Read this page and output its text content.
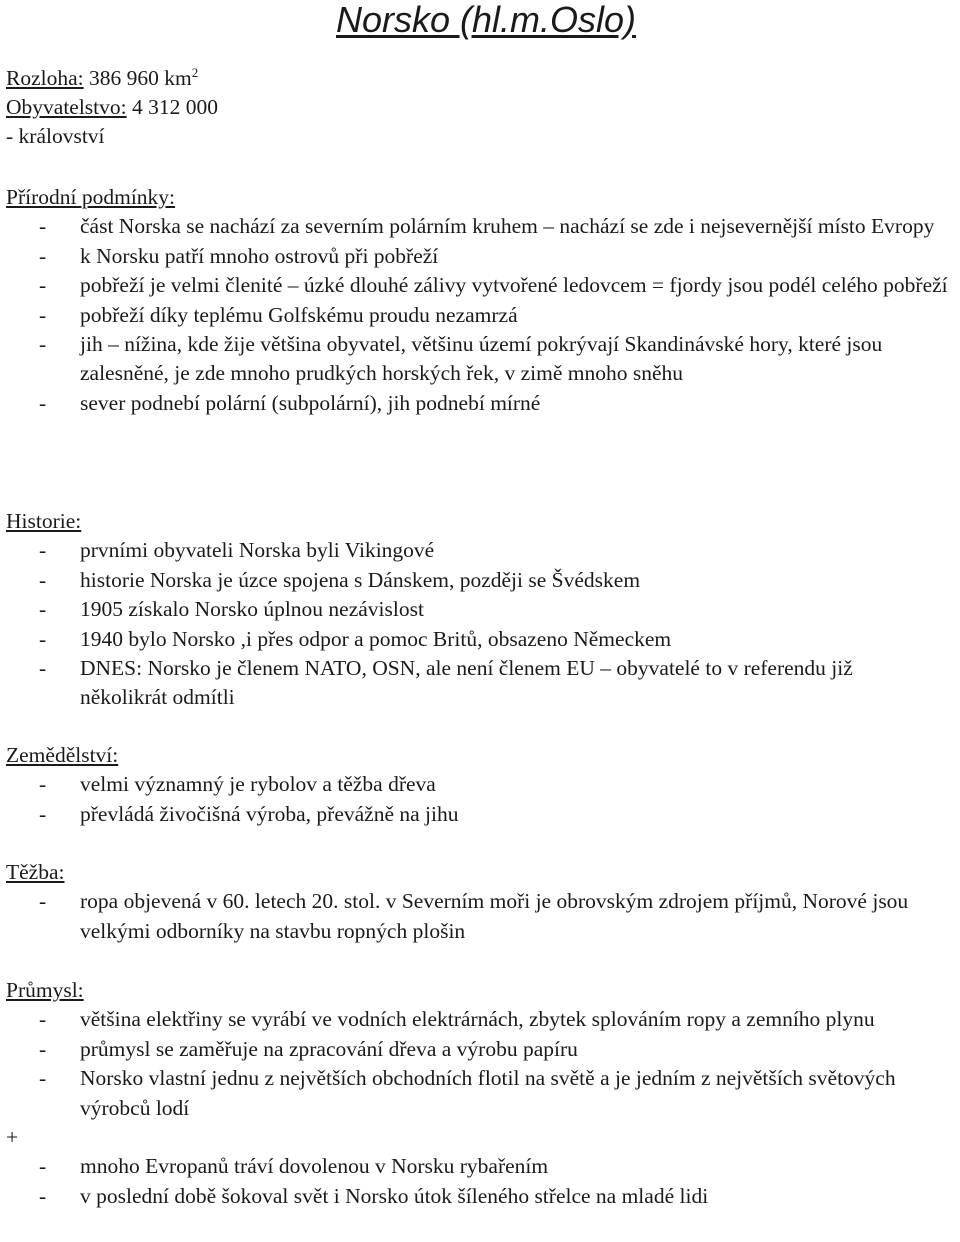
Norsko (hl.m.Oslo)
Rozloha: 386 960 $km^2$
Obyvatelstvo: 4 312 000
- království
Přírodní podmínky:
-	část Norska se nachází za severním polárním kruhem – nachází se zde i nejsevernější místo Evropy
-	k Norsku patří mnoho ostrovů při pobřeží
-	pobřeží je velmi členité – úzké dlouhé zálivy vytvořené ledovcem = fjordy jsou podél celého pobřeží
-	pobřeží díky teplému Golfskému proudu nezamrzá
-	jih – nížina, kde žije většina obyvatel, většinu území pokrývají Skandinávské hory, které jsou zalesněné, je zde mnoho prudkých horských řek, v zimě mnoho sněhu
-	sever podnebí polární (subpolární), jih podnebí mírné
Historie:
-	prvními obyvateli Norska byli Vikingové
-	historie Norska je úzce spojena s Dánskem, později se Švédskem
-	1905 získalo Norsko úplnou nezávislost
-	1940 bylo Norsko ,i přes odpor a pomoc Britů, obsazeno Německem
-	DNES: Norsko je členem NATO, OSN, ale není členem EU – obyvatelé to v referendu již několikrát odmítli
Zemědělství:
-	velmi významný je rybolov a těžba dřeva
-	převládá živočišná výroba, převážně na jihu
Těžba:
-	ropa objevená v 60. letech 20. stol. v Severním moři je obrovským zdrojem příjmů, Norové jsou velkými odborníky na stavbu ropných plošin
Průmysl:
-	většina elektřiny se vyrábí ve vodních elektrárnách, zbytek splováním ropy a zemního plynu
-	průmysl se zaměřuje na zpracování dřeva a výrobu papíru
-	Norsko vlastní jednu z největších obchodních flotil na světě a je jedním z největších světových výrobců lodí
+
-	mnoho Evropanů tráví dovolenou v Norsku rybařením
-	v poslední době šokoval svět i Norsko útok šíleného střelce na mladé lidi
